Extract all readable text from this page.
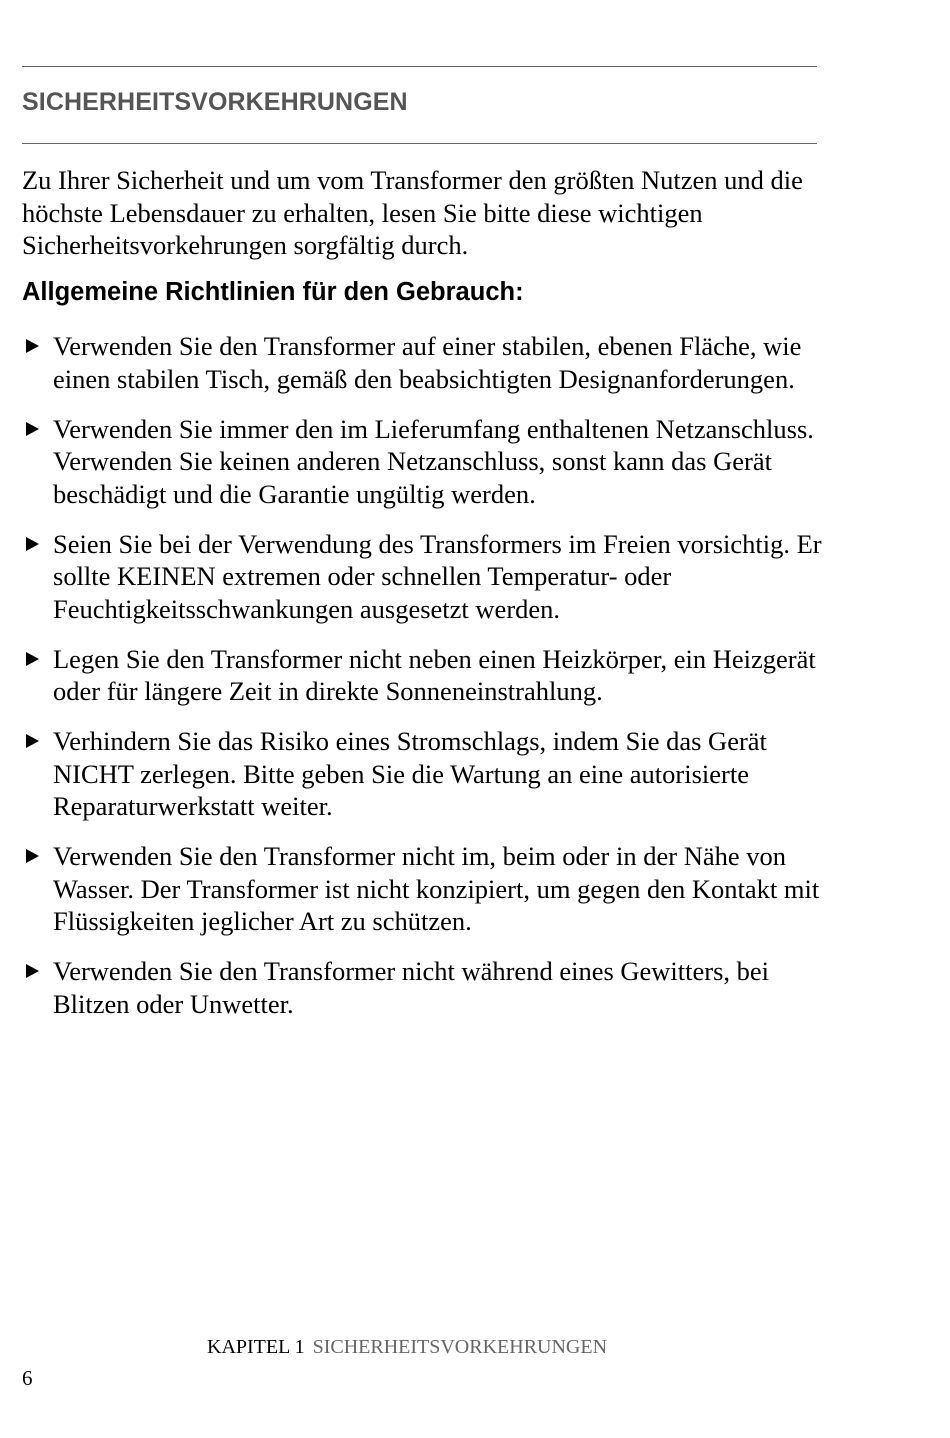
SICHERHEITSVORKEHRUNGEN

Zu Ihrer Sicherheit und um vom Transformer den größten Nutzen und die höchste Lebensdauer zu erhalten, lesen Sie bitte diese wichtigen Sicherheitsvorkehrungen sorgfältig durch.

Allgemeine Richtlinien für den Gebrauch:
Verwenden Sie den Transformer auf einer stabilen, ebenen Fläche, wie einen stabilen Tisch, gemäß den beabsichtigten Designanforderungen.
Verwenden Sie immer den im Lieferumfang enthaltenen Netzanschluss. Verwenden Sie keinen anderen Netzanschluss, sonst kann das Gerät beschädigt und die Garantie ungültig werden.
Seien Sie bei der Verwendung des Transformers im Freien vorsichtig. Er sollte KEINEN extremen oder schnellen Temperatur- oder Feuchtigkeitsschwankungen ausgesetzt werden.
Legen Sie den Transformer nicht neben einen Heizkörper, ein Heizgerät oder für längere Zeit in direkte Sonneneinstrahlung.
Verhindern Sie das Risiko eines Stromschlags, indem Sie das Gerät NICHT zerlegen. Bitte geben Sie die Wartung an eine autorisierte Reparaturwerkstatt weiter.
Verwenden Sie den Transformer nicht im, beim oder in der Nähe von Wasser. Der Transformer ist nicht konzipiert, um gegen den Kontakt mit Flüssigkeiten jeglicher Art zu schützen.
Verwenden Sie den Transformer nicht während eines Gewitters, bei Blitzen oder Unwetter.
KAPITEL 1 SICHERHEITSVORKEHRUNGEN
6
